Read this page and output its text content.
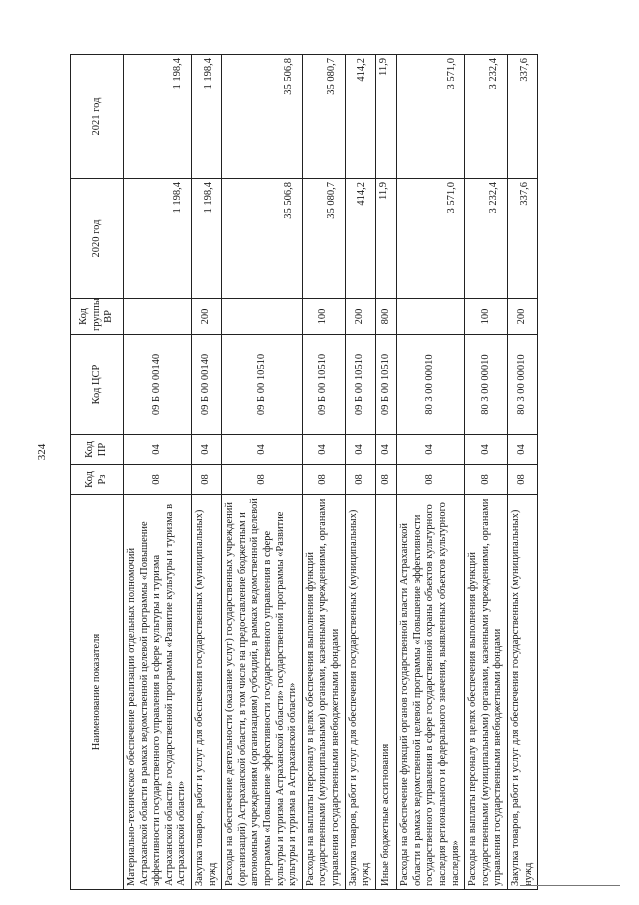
324
Наименование показателя	Код Рз	Код ПР	Код ЦСР	Код группы ВР	2020 год	2021 год
Материально-техническое обеспечение реализации отдельных полномочий Астраханской области в рамках ведомственной целевой программы «Повышение эффективности государственного управления в сфере культуры и туризма Астраханской области» государственной программы «Развитие культуры и туризма в Астраханской области»	08	04	09 Б 00 00140		1 198,4	1 198,4
Закупка товаров, работ и услуг для обеспечения государственных (муниципальных) нужд	08	04	09 Б 00 00140	200	1 198,4	1 198,4
Расходы на обеспечение деятельности (оказание услуг) государственных учреждений (организаций) Астраханской области, в том числе на предоставление бюджетным и автономным учреждениям (организациям) субсидий, в рамках ведомственной целевой программы «Повышение эффективности государственного управления в сфере культуры и туризма Астраханской области» государственной программы «Развитие культуры и туризма в Астраханской области»	08	04	09 Б 00 10510		35 506,8	35 506,8
Расходы на выплаты персоналу в целях обеспечения выполнения функций государственными (муниципальными) органами, казенными учреждениями, органами управления государственными внебюджетными фондами	08	04	09 Б 00 10510	100	35 080,7	35 080,7
Закупка товаров, работ и услуг для обеспечения государственных (муниципальных) нужд	08	04	09 Б 00 10510	200	414,2	414,2
Иные бюджетные ассигнования	08	04	09 Б 00 10510	800	11,9	11,9
Расходы на обеспечение функций органов государственной власти Астраханской области в рамках ведомственной целевой программы «Повышение эффективности государственного управления в сфере государственной охраны объектов культурного наследия регионального и федерального значения, выявленных объектов культурного наследия»	08	04	80 3 00 00010		3 571,0	3 571,0
Расходы на выплаты персоналу в целях обеспечения выполнения функций государственными (муниципальными) органами, казенными учреждениями, органами управления государственными внебюджетными фондами	08	04	80 3 00 00010	100	3 232,4	3 232,4
Закупка товаров, работ и услуг для обеспечения государственных (муниципальных) нужд	08	04	80 3 00 00010	200	337,6	337,6
